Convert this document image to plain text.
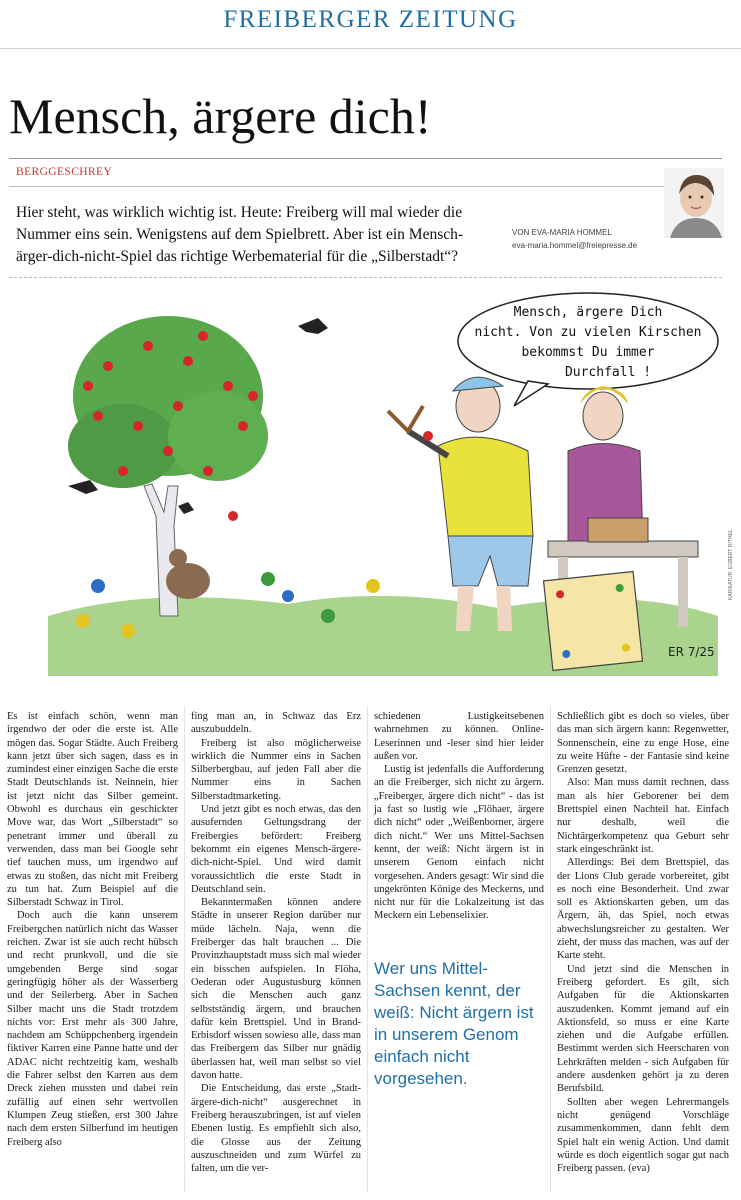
FREIBERGER ZEITUNG
Mensch, ärgere dich!
BERGGESCHREY
Hier steht, was wirklich wichtig ist. Heute: Freiberg will mal wieder die Nummer eins sein. Wenigstens auf dem Spielbrett. Aber ist ein Mensch-ärger-dich-nicht-Spiel das richtige Werbematerial für die „Silberstadt“?
VON EVA-MARIA HOMMEL
eva-maria.hommel@freiepresse.de
Mensch, ärgere Dich
nicht. Von zu vielen Kirschen
bekommst Du immer
Durchfall !
ER 7/25
KARIKATUR: EGBERT RITHEL

Es ist einfach schön, wenn man irgendwo der oder die erste ist. Alle mögen das. Sogar Städte. Auch Freiberg kann jetzt über sich sagen, dass es in zumindest einer einzigen Sache die erste Stadt Deutschlands ist. Neinnein, hier ist jetzt nicht das Silber gemeint. Obwohl es durchaus ein geschickter Move war, das Wort „Silberstadt“ so penetrant immer und überall zu verwenden, dass man bei Google sehr tief tauchen muss, um irgendwo auf etwas zu stoßen, das nicht mit Freiberg zu tun hat. Zum Beispiel auf die Silberstadt Schwaz in Tirol.

Doch auch die kann unserem Freibergchen natürlich nicht das Wasser reichen. Zwar ist sie auch recht hübsch und recht prunkvoll, und die sie umgebenden Berge sind sogar geringfügig höher als der Wasserberg und der Seilerberg. Aber in Sachen Silber macht uns die Stadt trotzdem nichts vor: Erst mehr als 300 Jahre, nachdem am Schüppchenberg irgendein fiktiver Karren eine Panne hatte und der ADAC nicht rechtzeitig kam, weshalb die Fahrer selbst den Karren aus dem Dreck ziehen mussten und dabei rein zufällig auf einen sehr wertvollen Klumpen Zeug stießen, erst 300 Jahre nach dem ersten Silberfund im heutigen Freiberg also

fing man an, in Schwaz das Erz auszubuddeln.

Freiberg ist also möglicherweise wirklich die Nummer eins in Sachen Silberbergbau, auf jeden Fall aber die Nummer eins in Sachen Silberstadtmarketing.

Und jetzt gibt es noch etwas, das den ausufernden Geltungsdrang der Freibergies befördert: Freiberg bekommt ein eigenes Mensch-ärgere-dich-nicht-Spiel. Und wird damit voraussichtlich die erste Stadt in Deutschland sein.

Bekanntermaßen können andere Städte in unserer Region darüber nur müde lächeln. Naja, wenn die Freiberger das halt brauchen ... Die Provinzhauptstadt muss sich mal wieder ein bisschen aufspielen. In Flöha, Oederan oder Augustusburg können sich die Menschen auch ganz selbstständig ärgern, und brauchen dafür kein Brettspiel. Und in Brand-Erbisdorf wissen sowieso alle, dass man das Freibergern das Silber nur gnädig überlassen hat, weil man selbst so viel davon hatte.

Die Entscheidung, das erste „Stadt-ärgere-dich-nicht“ ausgerechnet in Freiberg herauszubringen, ist auf vielen Ebenen lustig. Es empfiehlt sich also, die Glosse aus der Zeitung auszuschneiden und zum Würfel zu falten, um die ver-

schiedenen Lustigkeitsebenen wahrnehmen zu können. Online-Leserinnen und -leser sind hier leider außen vor.

Lustig ist jedenfalls die Aufforderung an die Freiberger, sich nicht zu ärgern. „Freiberger, ärgere dich nicht“ - das ist ja fast so lustig wie „Flöhaer, ärgere dich nicht“ oder „Weißenborner, ärgere dich nicht.“ Wer uns Mittel-Sachsen kennt, der weiß: Nicht ärgern ist in unserem Genom einfach nicht vorgesehen. Anders gesagt: Wir sind die ungekrönten Könige des Meckerns, und nicht nur für die Lokalzeitung ist das Meckern ein Lebenselixier.

Wer uns Mittel-Sachsen kennt, der weiß: Nicht ärgern ist in unserem Genom einfach nicht vorgesehen.

Schließlich gibt es doch so vieles, über das man sich ärgern kann: Regenwetter, Sonnenschein, eine zu enge Hose, eine zu weite Hüfte - der Fantasie sind keine Grenzen gesetzt.

Also: Man muss damit rechnen, dass man als hier Geborener bei dem Brettspiel einen Nachteil hat. Einfach nur deshalb, weil die Nichtärgerkompetenz qua Geburt sehr stark eingeschränkt ist.

Allerdings: Bei dem Brettspiel, das der Lions Club gerade vorbereitet, gibt es noch eine Besonderheit. Und zwar soll es Aktionskarten geben, um das Ärgern, äh, das Spiel, noch etwas abwechslungsreicher zu gestalten. Wer zieht, der muss das machen, was auf der Karte steht.

Und jetzt sind die Menschen in Freiberg gefordert. Es gilt, sich Aufgaben für die Aktionskarten auszudenken. Kommt jemand auf ein Aktionsfeld, so muss er eine Karte ziehen und die Aufgabe erfüllen. Bestimmt werden sich Heerscharen von Lehrkräften melden - sich Aufgaben für andere ausdenken gehört ja zu deren Berufsbild.

Sollten aber wegen Lehrermangels nicht genügend Vorschläge zusammenkommen, dann fehlt dem Spiel halt ein wenig Action. Und damit würde es doch eigentlich sogar gut nach Freiberg passen. (eva)
